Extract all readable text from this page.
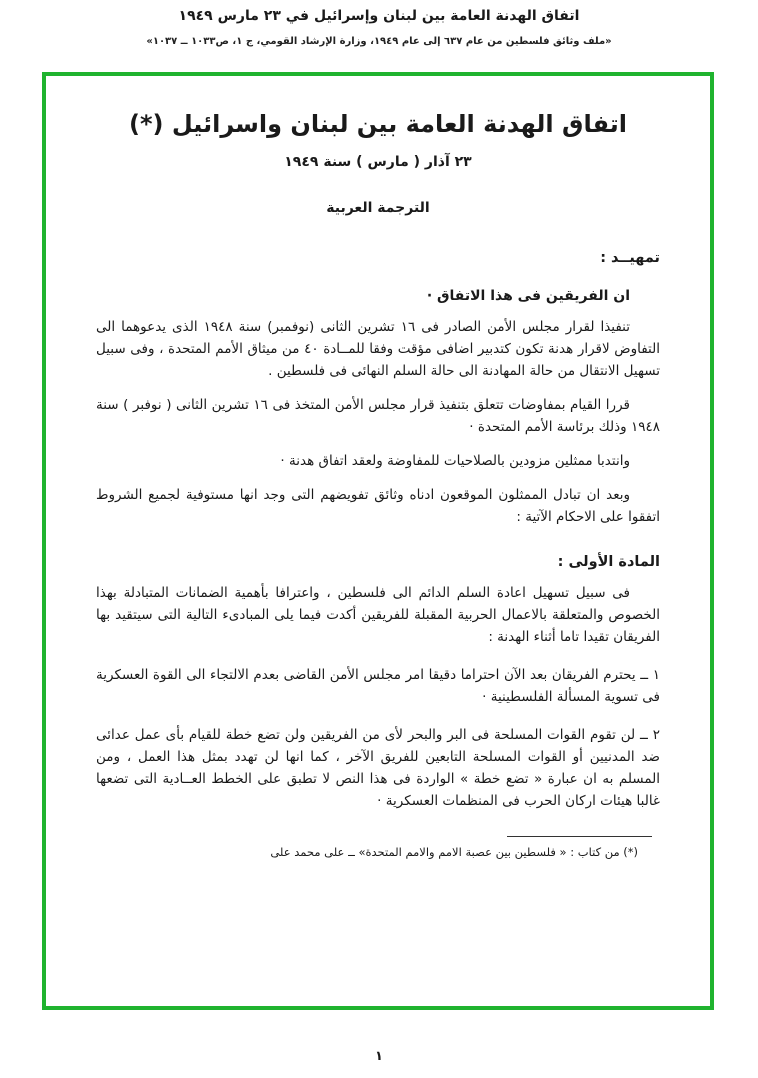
اتفاق الهدنة العامة بين لبنان وإسرائيل في ٢٣ مارس ١٩٤٩
«ملف وثائق فلسطين من عام ٦٣٧ إلى عام ١٩٤٩، وزارة الإرشاد القومي، ج ١، ص١٠٣٣ ــ ١٠٣٧»
اتفاق الهدنة العامة بين لبنان واسرائيل (*)
٢٣ آذار ( مارس ) سنة ١٩٤٩
الترجمة العربية
تمهيــد :
ان الفريقين فى هذا الاتفاق ·

تنفيذا لقرار مجلس الأمن الصادر فى ١٦ تشرين الثانى (نوفمبر) سنة ١٩٤٨ الذى يدعوهما الى التفاوض لاقرار هدنة تكون كتدبير اضافى مؤقت وفقا للمــادة ٤٠ من ميثاق الأمم المتحدة ، وفى سبيل تسهيل الانتقال من حالة المهادنة الى حالة السلم النهائى فى فلسطين .

قررا القيام بمفاوضات تتعلق بتنفيذ قرار مجلس الأمن المتخذ فى ١٦ تشرين الثانى ( نوفبر ) سنة ١٩٤٨ وذلك برئاسة الأمم المتحدة ·

وانتدبا ممثلين مزودين بالصلاحيات للمفاوضة ولعقد اتفاق هدنة ·

وبعد ان تبادل الممثلون الموقعون ادناه وثائق تفويضهم التى وجد انها مستوفية لجميع الشروط اتفقوا على الاحكام الآتية :

المادة الأولى :

فى سبيل تسهيل اعادة السلم الدائم الى فلسطين ، واعترافا بأهمية الضمانات المتبادلة بهذا الخصوص والمتعلقة بالاعمال الحربية المقبلة للفريقين أكدت فيما يلى المبادىء التالية التى سيتقيد بها الفريقان تقيدا تاما أثناء الهدنة :

١ ــ يحترم الفريقان بعد الآن احتراما دقيقا امر مجلس الأمن القاضى بعدم الالتجاء الى القوة العسكرية فى تسوية المسألة الفلسطينية ·

٢ ــ لن تقوم القوات المسلحة فى البر والبحر لأى من الفريقين ولن تضع خطة للقيام بأى عمل عدائى ضد المدنيين أو القوات المسلحة التابعين للفريق الآخر ، كما انها لن تهدد بمثل هذا العمل ، ومن المسلم به ان عبارة « تضع خطة » الواردة فى هذا النص لا تطبق على الخطط العــادية التى تضعها غالبا هيئات اركان الحرب فى المنظمات العسكرية ·

(*) من كتاب : « فلسطين بين عصبة الامم والامم المتحدة» ــ على محمد على

١
